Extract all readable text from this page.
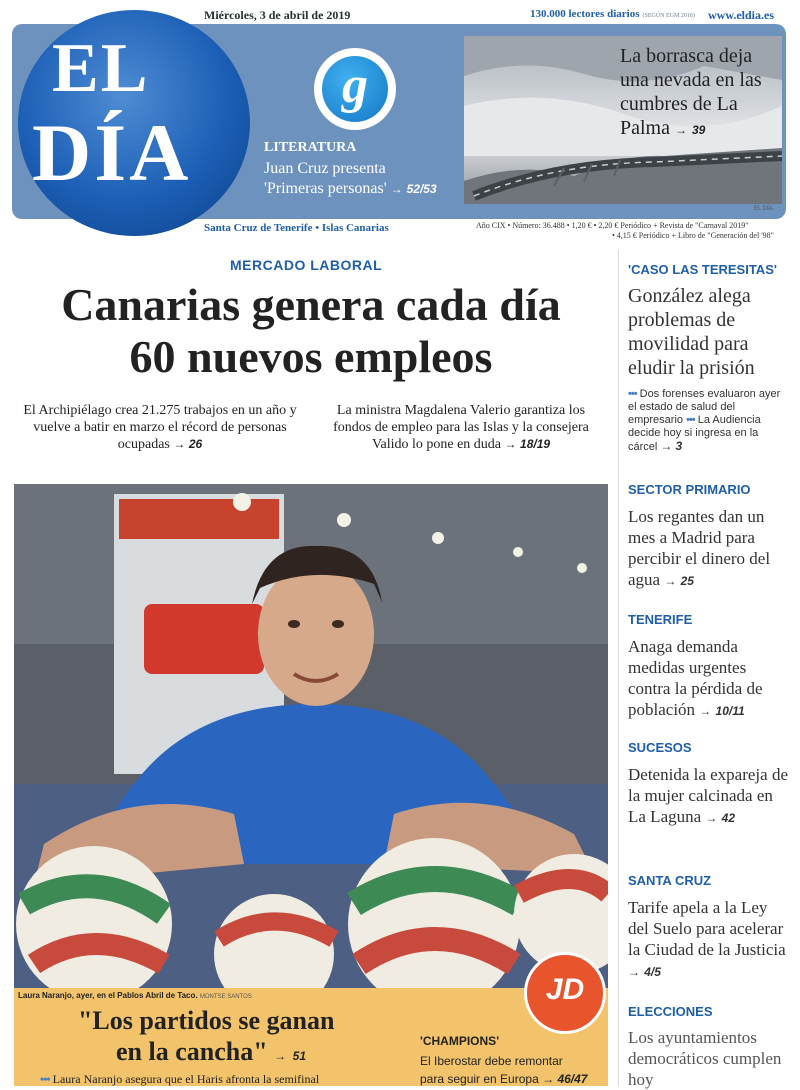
Miércoles, 3 de abril de 2019	130.000 lectores diarios (SEGÚN EGM 2018) www.eldia.es
EL
DÍA
g
LITERATURA
Juan Cruz presenta
'Primeras personas' → 52/53
La borrasca deja una nevada en las cumbres de La Palma → 39
EL DÍA
Santa Cruz de Tenerife • Islas Canarias	Año CIX • Número: 36.488 • 1,20 € • 2,20 € Periódico + Revista de "Carnaval 2019"
• 4,15 € Periódico + Libro de "Generación del '98"
MERCADO LABORAL
Canarias genera cada día
60 nuevos empleos
El Archipiélago crea 21.275 trabajos en un año y vuelve a batir en marzo el récord de personas ocupadas → 26
La ministra Magdalena Valerio garantiza los fondos de empleo para las Islas y la consejera Valido lo pone en duda → 18/19
Laura Naranjo, ayer, en el Pablos Abril de Taco. MONTSE SANTOS
"Los partidos se ganan
en la cancha" → 51
••• Laura Naranjo asegura que el Haris afronta la semifinal
'CHAMPIONS'
El Iberostar debe remontar
para seguir en Europa → 46/47
JD
'CASO LAS TERESITAS'
González alega problemas de movilidad para eludir la prisión
••• Dos forenses evaluaron ayer el estado de salud del empresario ••• La Audiencia decide hoy si ingresa en la cárcel → 3
SECTOR PRIMARIO
Los regantes dan un mes a Madrid para percibir el dinero del agua → 25
TENERIFE
Anaga demanda medidas urgentes contra la pérdida de población → 10/11
SUCESOS
Detenida la expareja de la mujer calcinada en La Laguna → 42
SANTA CRUZ
Tarife apela a la Ley del Suelo para acelerar la Ciudad de la Justicia → 4/5
ELECCIONES
Los ayuntamientos democráticos cumplen hoy
